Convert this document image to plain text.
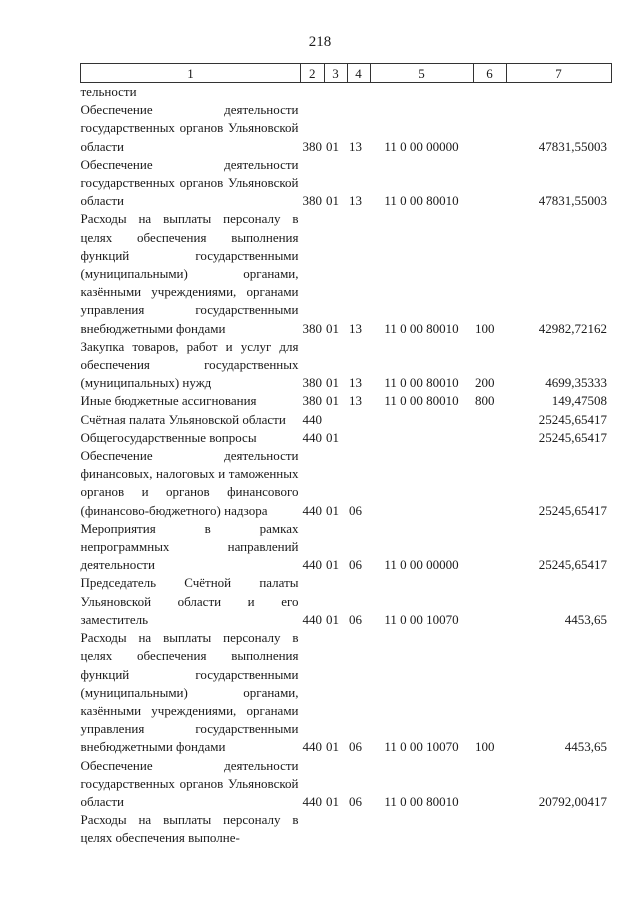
218
1	2	3	4	5	6	7
тельности						
Обеспечение деятельности государственных органов Ульяновской области	380	01	13	11 0 00 00000		47831,55003
Обеспечение деятельности государственных органов Ульяновской области	380	01	13	11 0 00 80010		47831,55003
Расходы на выплаты персоналу в целях обеспечения выполнения функций государственными (муниципальными) органами, казёнными учреждениями, органами управления государственными внебюджетными фондами	380	01	13	11 0 00 80010	100	42982,72162
Закупка товаров, работ и услуг для обеспечения государственных (муниципальных) нужд	380	01	13	11 0 00 80010	200	4699,35333
Иные бюджетные ассигнования	380	01	13	11 0 00 80010	800	149,47508
Счётная палата Ульяновской области	440					25245,65417
Общегосударственные вопросы	440	01				25245,65417
Обеспечение деятельности финансовых, налоговых и таможенных органов и органов финансового (финансово-бюджетного) надзора	440	01	06			25245,65417
Мероприятия в рамках непрограммных направлений деятельности	440	01	06	11 0 00 00000		25245,65417
Председатель Счётной палаты Ульяновской области и его заместитель	440	01	06	11 0 00 10070		4453,65
Расходы на выплаты персоналу в целях обеспечения выполнения функций государственными (муниципальными) органами, казёнными учреждениями, органами управления государственными внебюджетными фондами	440	01	06	11 0 00 10070	100	4453,65
Обеспечение деятельности государственных органов Ульяновской области	440	01	06	11 0 00 80010		20792,00417
Расходы на выплаты персоналу в целях обеспечения выполне-						
